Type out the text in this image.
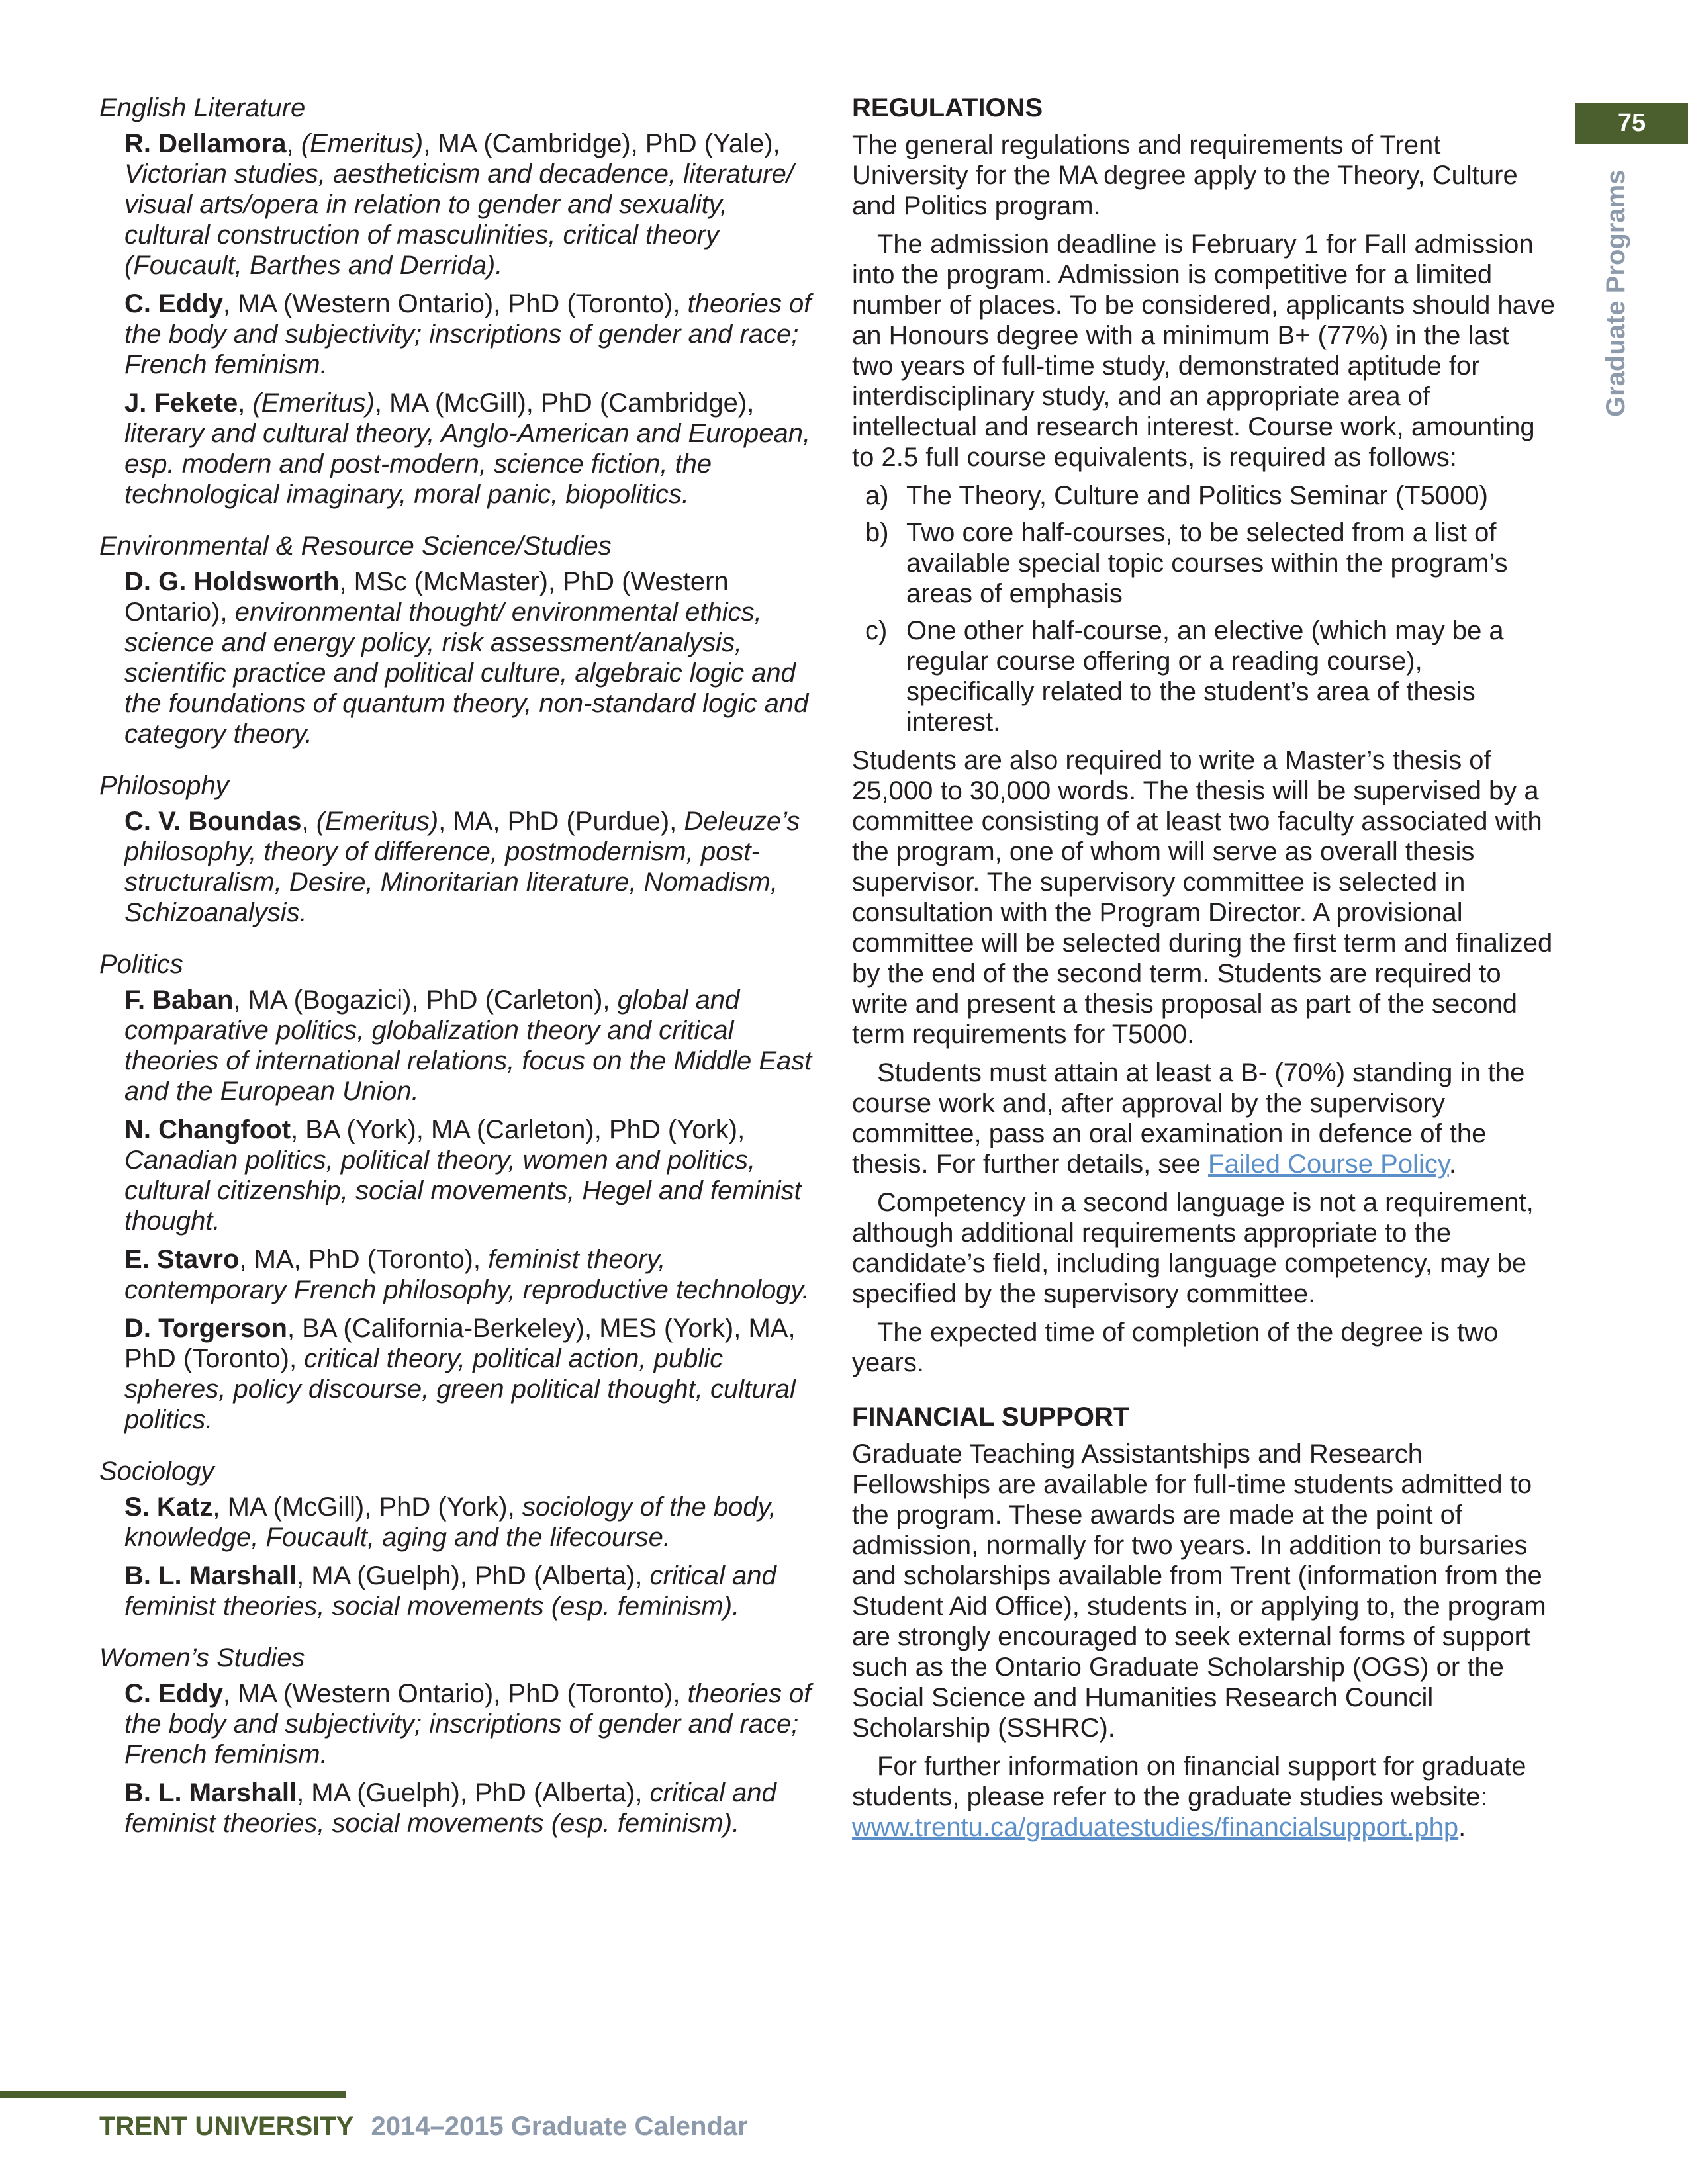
75
Graduate Programs
English Literature
R. Dellamora, (Emeritus), MA (Cambridge), PhD (Yale), Victorian studies, aestheticism and decadence, literature/ visual arts/opera in relation to gender and sexuality, cultural construction of masculinities, critical theory (Foucault, Barthes and Derrida).
C. Eddy, MA (Western Ontario), PhD (Toronto), theories of the body and subjectivity; inscriptions of gender and race; French feminism.
J. Fekete, (Emeritus), MA (McGill), PhD (Cambridge), literary and cultural theory, Anglo-American and European, esp. modern and post-modern, science fiction, the technological imaginary, moral panic, biopolitics.
Environmental & Resource Science/Studies
D. G. Holdsworth, MSc (McMaster), PhD (Western Ontario), environmental thought/ environmental ethics, science and energy policy, risk assessment/analysis, scientific practice and political culture, algebraic logic and the foundations of quantum theory, non-standard logic and category theory.
Philosophy
C. V. Boundas, (Emeritus), MA, PhD (Purdue), Deleuze’s philosophy, theory of difference, postmodernism, post-structuralism, Desire, Minoritarian literature, Nomadism, Schizoanalysis.
Politics
F. Baban, MA (Bogazici), PhD (Carleton), global and comparative politics, globalization theory and critical theories of international relations, focus on the Middle East and the European Union.
N. Changfoot, BA (York), MA (Carleton), PhD (York), Canadian politics, political theory, women and politics, cultural citizenship, social movements, Hegel and feminist thought.
E. Stavro, MA, PhD (Toronto), feminist theory, contemporary French philosophy, reproductive technology.
D. Torgerson, BA (California-Berkeley), MES (York), MA, PhD (Toronto), critical theory, political action, public spheres, policy discourse, green political thought, cultural politics.
Sociology
S. Katz, MA (McGill), PhD (York), sociology of the body, knowledge, Foucault, aging and the lifecourse.
B. L. Marshall, MA (Guelph), PhD (Alberta), critical and feminist theories, social movements (esp. feminism).
Women’s Studies
C. Eddy, MA (Western Ontario), PhD (Toronto), theories of the body and subjectivity; inscriptions of gender and race; French feminism.
B. L. Marshall, MA (Guelph), PhD (Alberta), critical and feminist theories, social movements (esp. feminism).
REGULATIONS

The general regulations and requirements of Trent University for the MA degree apply to the Theory, Culture and Politics program.

The admission deadline is February 1 for Fall admission into the program. Admission is competitive for a limited number of places. To be considered, applicants should have an Honours degree with a minimum B+ (77%) in the last two years of full-time study, demonstrated aptitude for interdisciplinary study, and an appropriate area of intellectual and research interest. Course work, amounting to 2.5 full course equivalents, is required as follows:

a) The Theory, Culture and Politics Seminar (T5000)
b) Two core half-courses, to be selected from a list of available special topic courses within the program’s areas of emphasis
c) One other half-course, an elective (which may be a regular course offering or a reading course), specifically related to the student’s area of thesis interest.

Students are also required to write a Master’s thesis of 25,000 to 30,000 words. The thesis will be supervised by a committee consisting of at least two faculty associated with the program, one of whom will serve as overall thesis supervisor. The supervisory committee is selected in consultation with the Program Director. A provisional committee will be selected during the first term and finalized by the end of the second term. Students are required to write and present a thesis proposal as part of the second term requirements for T5000.

Students must attain at least a B- (70%) standing in the course work and, after approval by the supervisory committee, pass an oral examination in defence of the thesis. For further details, see Failed Course Policy.

Competency in a second language is not a requirement, although additional requirements appropriate to the candidate’s field, including language competency, may be specified by the supervisory committee.

The expected time of completion of the degree is two years.

FINANCIAL SUPPORT

Graduate Teaching Assistantships and Research Fellowships are available for full-time students admitted to the program. These awards are made at the point of admission, normally for two years. In addition to bursaries and scholarships available from Trent (information from the Student Aid Office), students in, or applying to, the program are strongly encouraged to seek external forms of support such as the Ontario Graduate Scholarship (OGS) or the Social Science and Humanities Research Council Scholarship (SSHRC).

For further information on financial support for graduate students, please refer to the graduate studies website: www.trentu.ca/graduatestudies/financialsupport.php.

TRENT UNIVERSITY 2014–2015 Graduate Calendar
